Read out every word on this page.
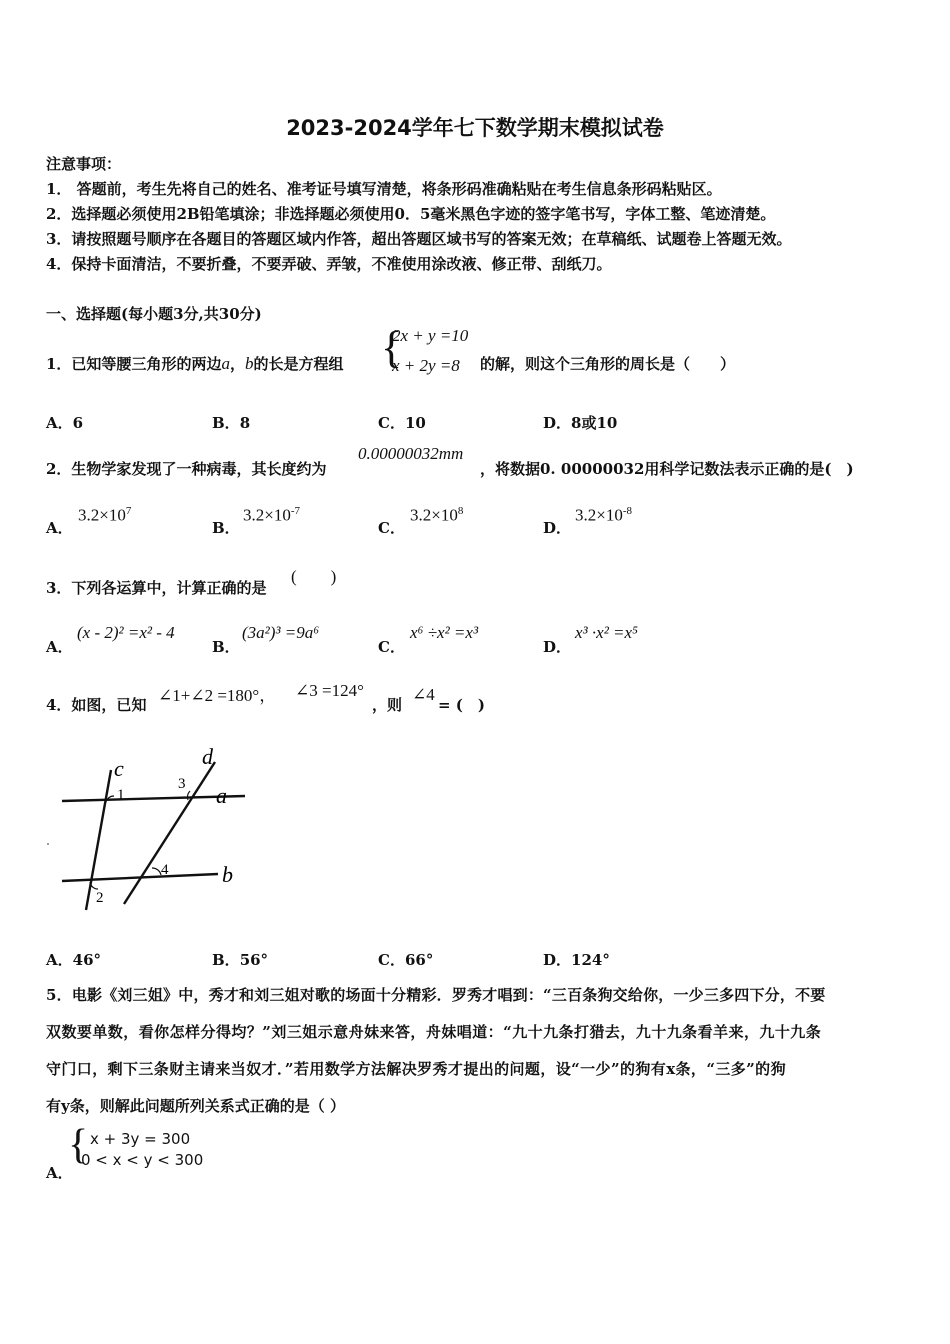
2023-2024学年七下数学期末模拟试卷
注意事项：
1． 答题前，考生先将自己的姓名、准考证号填写清楚，将条形码准确粘贴在考生信息条形码粘贴区。
2．选择题必须使用2B铅笔填涂；非选择题必须使用0．5毫米黑色字迹的签字笔书写，字体工整、笔迹清楚。
3．请按照题号顺序在各题目的答题区域内作答，超出答题区域书写的答案无效；在草稿纸、试题卷上答题无效。
4．保持卡面清洁，不要折叠，不要弄破、弄皱，不准使用涂改液、修正带、刮纸刀。
一、选择题(每小题3分,共30分)
1．已知等腰三角形的两边a，b的长是方程组 {
2x + y =10
x + 2y =8 的解，则这个三角形的周长是（　　）
A．6	B．8	C．10	D．8或10
2．生物学家发现了一种病毒，其长度约为
0.00000032mm
，将数据0. 00000032用科学记数法表示正确的是(　)
A．
$3.2\times 10^7$
B．
$3.2\times 10^{-7}$
C．
$3.2\times 10^8$
D．
$3.2\times 10^{-8}$
3．下列各运算中，计算正确的是
(　　)
A．
(x - 2)² =x² - 4
B．
(3a²)³ =9a⁶
C．
x⁶ ÷x² =x³
D．
x³ ·x² =x⁵
4．如图，已知 ∠1+∠2 =180°， ∠3 =124°
，则
∠4
= (　)
c	d
a
b
1
2
3
4
A．46°	B．56°	C．66°	D．124°
5．电影《刘三姐》中，秀才和刘三姐对歌的场面十分精彩．罗秀才唱到：“三百条狗交给你，一少三多四下分，不要
双数要单数，看你怎样分得均？”刘三姐示意舟妹来答，舟妹唱道：“九十九条打猎去，九十九条看羊来，九十九条
守门口，剩下三条财主请来当奴才．”若用数学方法解决罗秀才提出的问题，设“一少”的狗有x条，“三多”的狗
有y条，则解此问题所列关系式正确的是（ ）
A．
{ x + 3y = 300
0 < x < y < 300
